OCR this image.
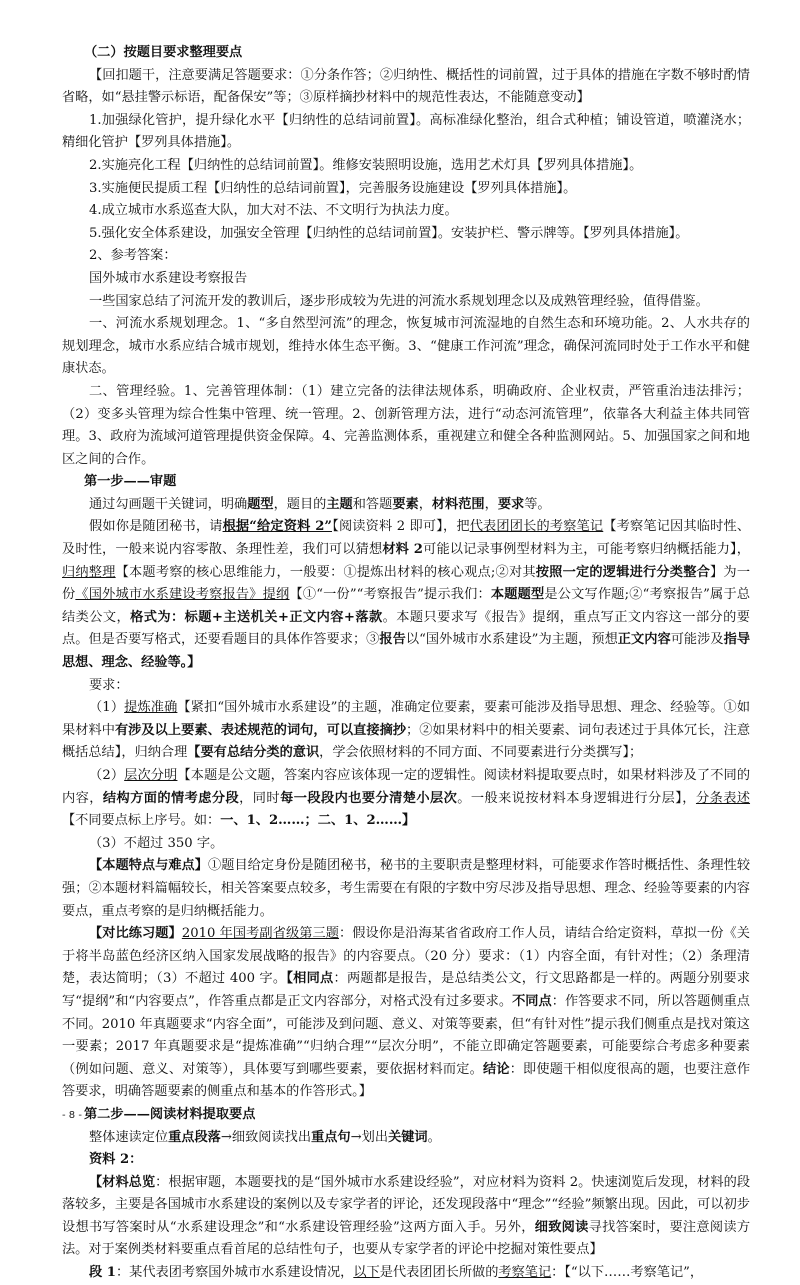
（二）按题目要求整理要点

【回扣题干，注意要满足答题要求：①分条作答；②归纳性、概括性的词前置，过于具体的措施在字数不够时酌情省略，如“悬挂警示标语，配备保安”等；③原样摘抄材料中的规范性表达，不能随意变动】

1.加强绿化管护，提升绿化水平【归纳性的总结词前置】。高标准绿化整治，组合式种植；铺设管道，喷灌浇水；精细化管护【罗列具体措施】。

2.实施亮化工程【归纳性的总结词前置】。维修安装照明设施，选用艺术灯具【罗列具体措施】。

3.实施便民提质工程【归纳性的总结词前置】，完善服务设施建设【罗列具体措施】。

4.成立城市水系巡查大队，加大对不法、不文明行为执法力度。

5.强化安全体系建设，加强安全管理【归纳性的总结词前置】。安装护栏、警示牌等。【罗列具体措施】。

2、参考答案：

国外城市水系建设考察报告

一些国家总结了河流开发的教训后，逐步形成较为先进的河流水系规划理念以及成熟管理经验，值得借鉴。

一、河流水系规划理念。1、“多自然型河流”的理念，恢复城市河流湿地的自然生态和环境功能。2、人水共存的规划理念，城市水系应结合城市规划，维持水体生态平衡。3、“健康工作河流”理念，确保河流同时处于工作水平和健康状态。

二、管理经验。1、完善管理体制：（1）建立完备的法律法规体系，明确政府、企业权责，严管重治违法排污；（2）变多头管理为综合性集中管理、统一管理。2、创新管理方法，进行“动态河流管理”，依靠各大利益主体共同管理。3、政府为流域河道管理提供资金保障。4、完善监测体系，重视建立和健全各种监测网站。5、加强国家之间和地区之间的合作。

第一步——审题

通过勾画题干关键词，明确题型，题目的主题和答题要素，材料范围，要求等。

假如你是随团秘书，请根据“给定资料 2”【阅读资料 2 即可】，把代表团团长的考察笔记【考察笔记因其临时性、及时性，一般来说内容零散、条理性差，我们可以猜想材料 2可能以记录事例型材料为主，可能考察归纳概括能力】，归纳整理【本题考察的核心思维能力，一般要：①提炼出材料的核心观点;②对其按照一定的逻辑进行分类整合】为一份《国外城市水系建设考察报告》提纲【①“一份”“考察报告”提示我们：本题题型是公文写作题;②“考察报告”属于总结类公文，格式为：标题+主送机关+正文内容+落款。本题只要求写《报告》提纲，重点写正文内容这一部分的要点。但是否要写格式，还要看题目的具体作答要求；③报告以“国外城市水系建设”为主题，预想正文内容可能涉及指导思想、理念、经验等。】

要求：

（1）提炼准确【紧扣“国外城市水系建设”的主题，准确定位要素，要素可能涉及指导思想、理念、经验等。①如果材料中有涉及以上要素、表述规范的词句，可以直接摘抄；②如果材料中的相关要素、词句表述过于具体冗长，注意概括总结】，归纳合理【要有总结分类的意识，学会依照材料的不同方面、不同要素进行分类撰写】；

（2）层次分明【本题是公文题，答案内容应该体现一定的逻辑性。阅读材料提取要点时，如果材料涉及了不同的内容，结构方面的情考虑分段，同时每一段段内也要分清楚小层次。一般来说按材料本身逻辑进行分层】，分条表述【不同要点标上序号。如：一、1、2……；二、1、2……】

（3）不超过 350 字。

【本题特点与难点】①题目给定身份是随团秘书，秘书的主要职责是整理材料，可能要求作答时概括性、条理性较强；②本题材料篇幅较长，相关答案要点较多，考生需要在有限的字数中穷尽涉及指导思想、理念、经验等要素的内容要点，重点考察的是归纳概括能力。

【对比练习题】2010 年国考副省级第三题：假设你是沿海某省省政府工作人员，请结合给定资料，草拟一份《关于将半岛蓝色经济区纳入国家发展战略的报告》的内容要点。（20 分）要求：（1）内容全面，有针对性；（2）条理清楚，表达简明；（3）不超过 400 字。【相同点：两题都是报告，是总结类公文，行文思路都是一样的。两题分别要求写“提纲”和“内容要点”，作答重点都是正文内容部分，对格式没有过多要求。不同点：作答要求不同，所以答题侧重点不同。2010 年真题要求“内容全面”，可能涉及到问题、意义、对策等要素，但“有针对性”提示我们侧重点是找对策这一要素；2017 年真题要求是“提炼准确”“归纳合理”“层次分明”，不能立即确定答题要素，可能要综合考虑多种要素（例如问题、意义、对策等），具体要写到哪些要素，要依据材料而定。结论：即使题干相似度很高的题，也要注意作答要求，明确答题要素的侧重点和基本的作答形式。】

第二步——阅读材料提取要点

整体速读定位重点段落→细致阅读找出重点句→划出关键词。

资料 2：

【材料总览：根据审题，本题要找的是“国外城市水系建设经验”，对应材料为资料 2。快速浏览后发现，材料的段落较多，主要是各国城市水系建设的案例以及专家学者的评论，还发现段落中“理念”“经验”频繁出现。因此，可以初步设想书写答案时从“水系建设理念”和“水系建设管理经验”这两方面入手。另外，细致阅读寻找答案时，要注意阅读方法。对于案例类材料要重点看首尾的总结性句子，也要从专家学者的评论中挖掘对策性要点】

段 1：某代表团考察国外城市水系建设情况，以下是代表团团长所做的考察笔记：【“以下……考察笔记”，

- 8 -
